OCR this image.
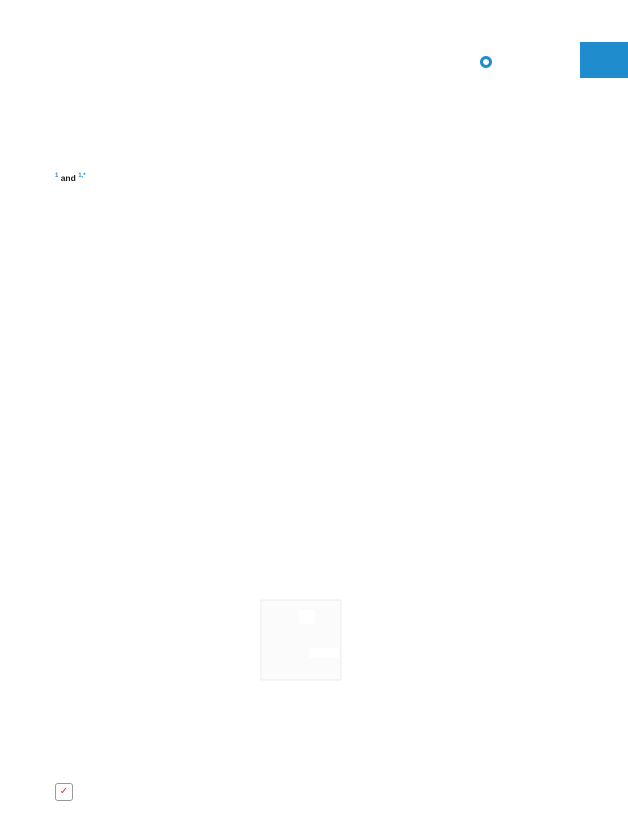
$^1$ and $^{1,*}$

✓
